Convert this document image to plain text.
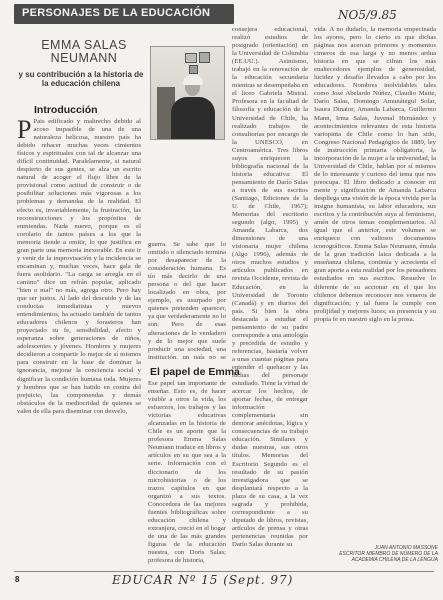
PERSONAJES DE LA EDUCACIÓN	NO5/9.85
EMMA SALAS
NEUMANN
y su contribución a la historia de la educación chilena
Introducción
P Pais edificado y maltrecho debido al acoso impasible de una de una naturaleza belicosa, nuestro país ha debido rehacer muchas veces cimientos físicos y espirituales con tal de alcanzar una difícil continuidad. Paralelamente, si natural despierto de sus gentes, se alza un escrito natural de acoger el flujo libre de la provisional como actitud de construir o de posibilitar soluciones más vigorosas a los problemas y demandas de la realidad. El efecto es, invariablemente, la frustración, las reconstrucciones y los propósitos de enmiendas. Nada nuevo, porque es el corolario de tantos países a los que la memoria tiende a omitir, lo que justifica en gran parte una memoria inexorable. En este ir y venir de la improvisación y la incidencia se encaminan y, muchas veces, hace gala de fuera asolidario. "La carga se arregla en el camino" dice un refrán popular, aplicado "bien o mal" no más, agrega otro. Pero hay que ser justos. Al lado del descuido y de las conductas inmediatistas y nuevos entendimientos, ha actuado también de tantos educadores chilenos y forasteros han proyectado su fe, sensibilidad, afecto y esperanza sobre generaciones de niños, adolescentes y jóvenes. Hombres y mujeres decidieron a compartir lo mejor de sí mismos para construir en la base de dominar la ignorancia, mejorar la conciencia social y dignificar la condición humana toda. Mujeres y hombres que se han batido en contra del prejuicio, las componendas y demás obstáculos de la mediocridad de quienes se valen de ella para diseminar con desvelo,
guerra. Se sabe que lo omitido o silenciado termina por desaparecer de la consideración humana. Es tío más decirlo de una persona o del que hacer localizado en obra, por ejemplo, es usurpado por quienes pretenden aparecer, ya que verdaderamente no lo son. Pero de esas alteraciones de lo verdadero y de lo mejor que suele producir una sociedad, una institución, un país no se
El papel de Emma
Ese papel tan importante de enseñar. Esto es, de hacer visible a otros la vida, los esfuerzos, los trabajos y las victorias educativas alcanzadas en la historia de Chile es un aporte que la profesora Emma Salas Neumann traduce en libros y artículos en su que sea a la serie. Información con el diccionario de los microhistorias o de los trazos capítulos en que organizó a sus textos. Conocedora de las mejores fuentes bibliográficas sobre educación chilena y extranjera, creció en el hogar de una de las más grandes figuras de la educación nuestra, con Doris Salas; profesora de historia,
consejera educacional, realizó estudios de postgrado (orientación) en la Universidad de Columbia (EE.UU.). Asimismo, trabajó en la renovación de la educación secundaria mientras se desempeñaba en el liceo Gabriela Mistral. Profesora en la facultad de filosofía y educación de la Universidad de Chile, ha realizado trabajos de consultorías por encargo de la UNESCO, en Centroamérica. Tres libros suyos enriquecen la bibliografía nacional de la historia educativa: El pensamiento de Darío Salas a través de sus escritos (Santiago, Ediciones de la U. de Chile, 1967); Memorias del escritorio segundo (algo, 1995) y Amanda Labarca, dos dimensiones de una visionaria mujer chilena (Algo 1996), además de otros muchos estudios y artículos publicados en revista Occidente, revista de Educación, en la Universidad de Toronto (Canadá) y en diarios del país. Si bien la obra destacada a estudiar el pensamiento de su padre corresponde a una antología y precedida de estudio y referencias, bastaría volver a unas cuantas páginas para entender el quehacer y las luchas del personaje estudiado. Tiene la virtud de acercar los hechos, de aportar fechas, de entregar información complementaria sin demorar anécdotas, lógica y consecuencias de su trabajo educación. Similares y dudas nuestras, sus otros títulos. Memorias del Escritorio Segundo es el resultado de su pasión investigadora que se desplantará respecto a la plaza de su casa, a la vez sagrada y prohibida, correspondiente a su diputado de libros, revistas, artículos de prensa y otras pertenencias reunidas por Darío Salas durante su
vida. A no dudarlo, la memoria empecinada los ayores, pero lo cierto es que dichas páginas nos acercan primores y momentos cimeros de esa larga y no menos ardua historia en que se cifran los más enaltecedores ejemplos de generosidad, lucidez y desafío llevados a cabo por los educadores. Nombres inolvidables tales como José Abelardo Núñez, Claudio Matte, Darío Salas, Domingo Amunátegui Solar, Isaura Dinator, Amanda Labarca, Guillermo Mann, Irma Salas, Juvenal Hernández y acontecimientos relevantes de esta historia variopinta de Chile como lo han sido, Congreso Nacional Pedagógico de 1889, ley de instrucción primaria obligatoria, la incorporación de la mujer a la universidad, la Universidad de Chile, hablan por sí mismos de lo interesante y curioso del tema que nos preocupa. El libro dedicado a conocer mi mente y significación de Amanda Labarca despliega una visión de la época vivida por la insigne humanista, su labor educadora, sus escritos y la contribución suya al feminismo, amén de otros temas complementarios. Al igual que el anterior, este volumen se enriquece con valiosos documentos iconográficos. Emma Salas Neumann, émula de la gran tradición laica dedicada a la enseñanza chilena, continúa y acrecienta el gran aporte a esta realidad por los pensadores estudiados en sus escritos. Resuelve lo diferente de su accionar en el que los chilenos debemos reconocer nos veneros de dignificación; y tal fuera la cumple con prolijidad y mejores luces; su presencia y su propia fe en nuestro siglo en la prosa.
JUAN ANTONIO MASSONE
ESCRITOR MIEMBRO DE NÚMERO DE LA
ACADEMIA CHILENA DE LA LENGUA
8	EDUCAR Nº 15 (Sept. 97)
